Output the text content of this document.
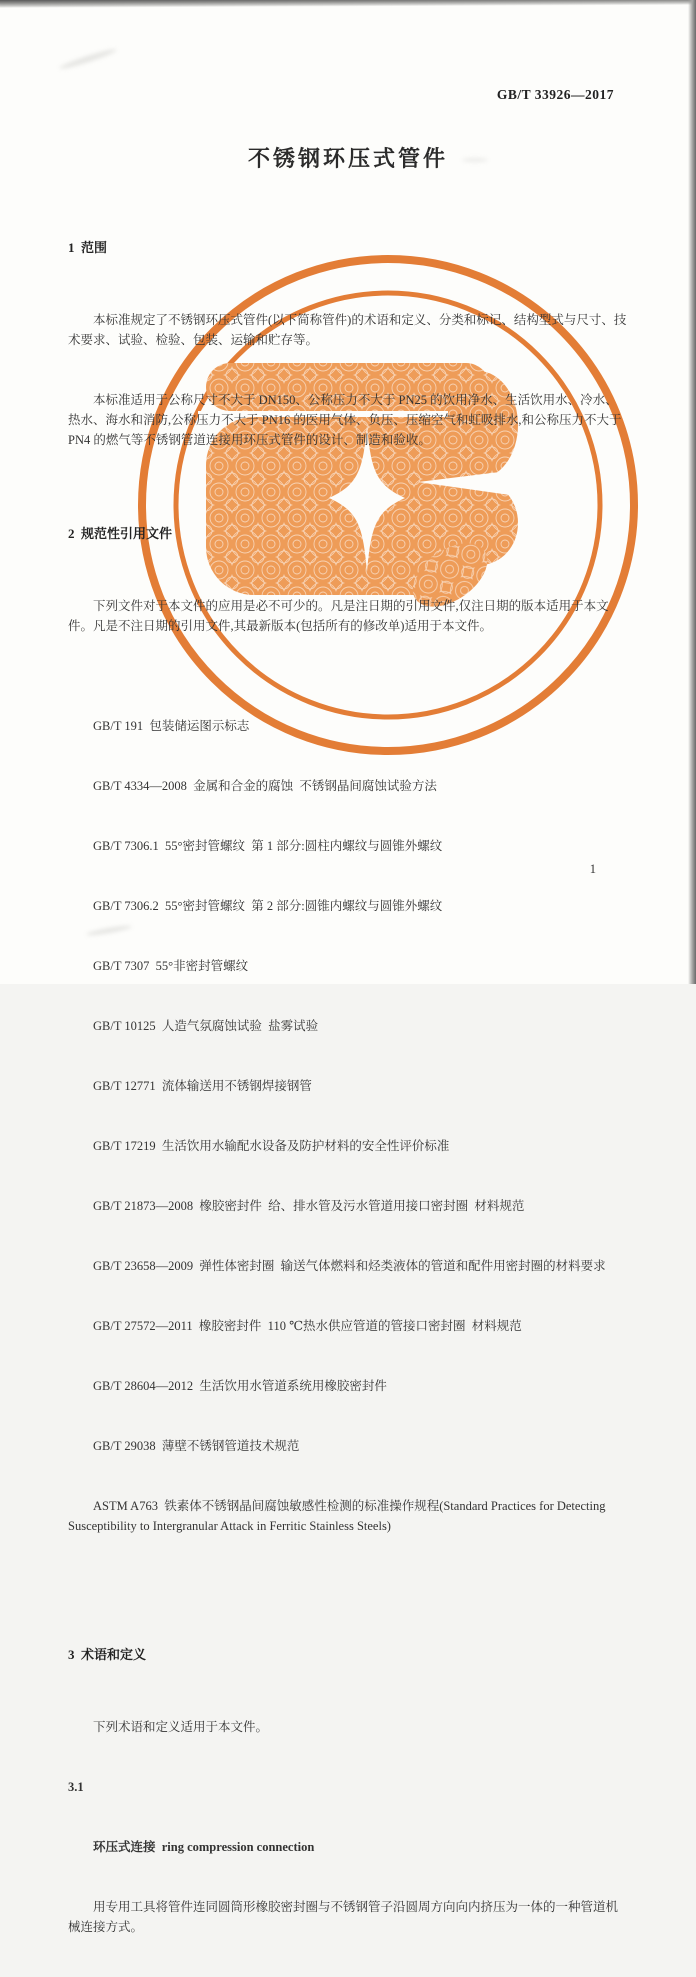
GB/T 33926—2017
不锈钢环压式管件

1  范围

本标准规定了不锈钢环压式管件(以下简称管件)的术语和定义、分类和标记、结构型式与尺寸、技术要求、试验、检验、包装、运输和贮存等。

本标准适用于公称尺寸不大于 DN150、公称压力不大于 PN25 的饮用净水、生活饮用水、冷水、热水、海水和消防,公称压力不大于 PN16 的医用气体、负压、压缩空气和虹吸排水,和公称压力不大于 PN4 的燃气等不锈钢管道连接用环压式管件的设计、制造和验收。

2  规范性引用文件

下列文件对于本文件的应用是必不可少的。凡是注日期的引用文件,仅注日期的版本适用于本文件。凡是不注日期的引用文件,其最新版本(包括所有的修改单)适用于本文件。

GB/T 191  包装储运图示标志

GB/T 4334—2008  金属和合金的腐蚀  不锈钢晶间腐蚀试验方法

GB/T 7306.1  55°密封管螺纹  第 1 部分:圆柱内螺纹与圆锥外螺纹

GB/T 7306.2  55°密封管螺纹  第 2 部分:圆锥内螺纹与圆锥外螺纹

GB/T 7307  55°非密封管螺纹

GB/T 10125  人造气氛腐蚀试验  盐雾试验

GB/T 12771  流体输送用不锈钢焊接钢管

GB/T 17219  生活饮用水输配水设备及防护材料的安全性评价标准

GB/T 21873—2008  橡胶密封件  给、排水管及污水管道用接口密封圈  材料规范

GB/T 23658—2009  弹性体密封圈  输送气体燃料和烃类液体的管道和配件用密封圈的材料要求

GB/T 27572—2011  橡胶密封件  110 ℃热水供应管道的管接口密封圈  材料规范

GB/T 28604—2012  生活饮用水管道系统用橡胶密封件

GB/T 29038  薄壁不锈钢管道技术规范

ASTM A763  铁素体不锈钢晶间腐蚀敏感性检测的标准操作规程(Standard Practices for Detecting Susceptibility to Intergranular Attack in Ferritic Stainless Steels)

3  术语和定义

下列术语和定义适用于本文件。

3.1

环压式连接  ring compression connection

用专用工具将管件连同圆筒形橡胶密封圈与不锈钢管子沿圆周方向向内挤压为一体的一种管道机械连接方式。

1
